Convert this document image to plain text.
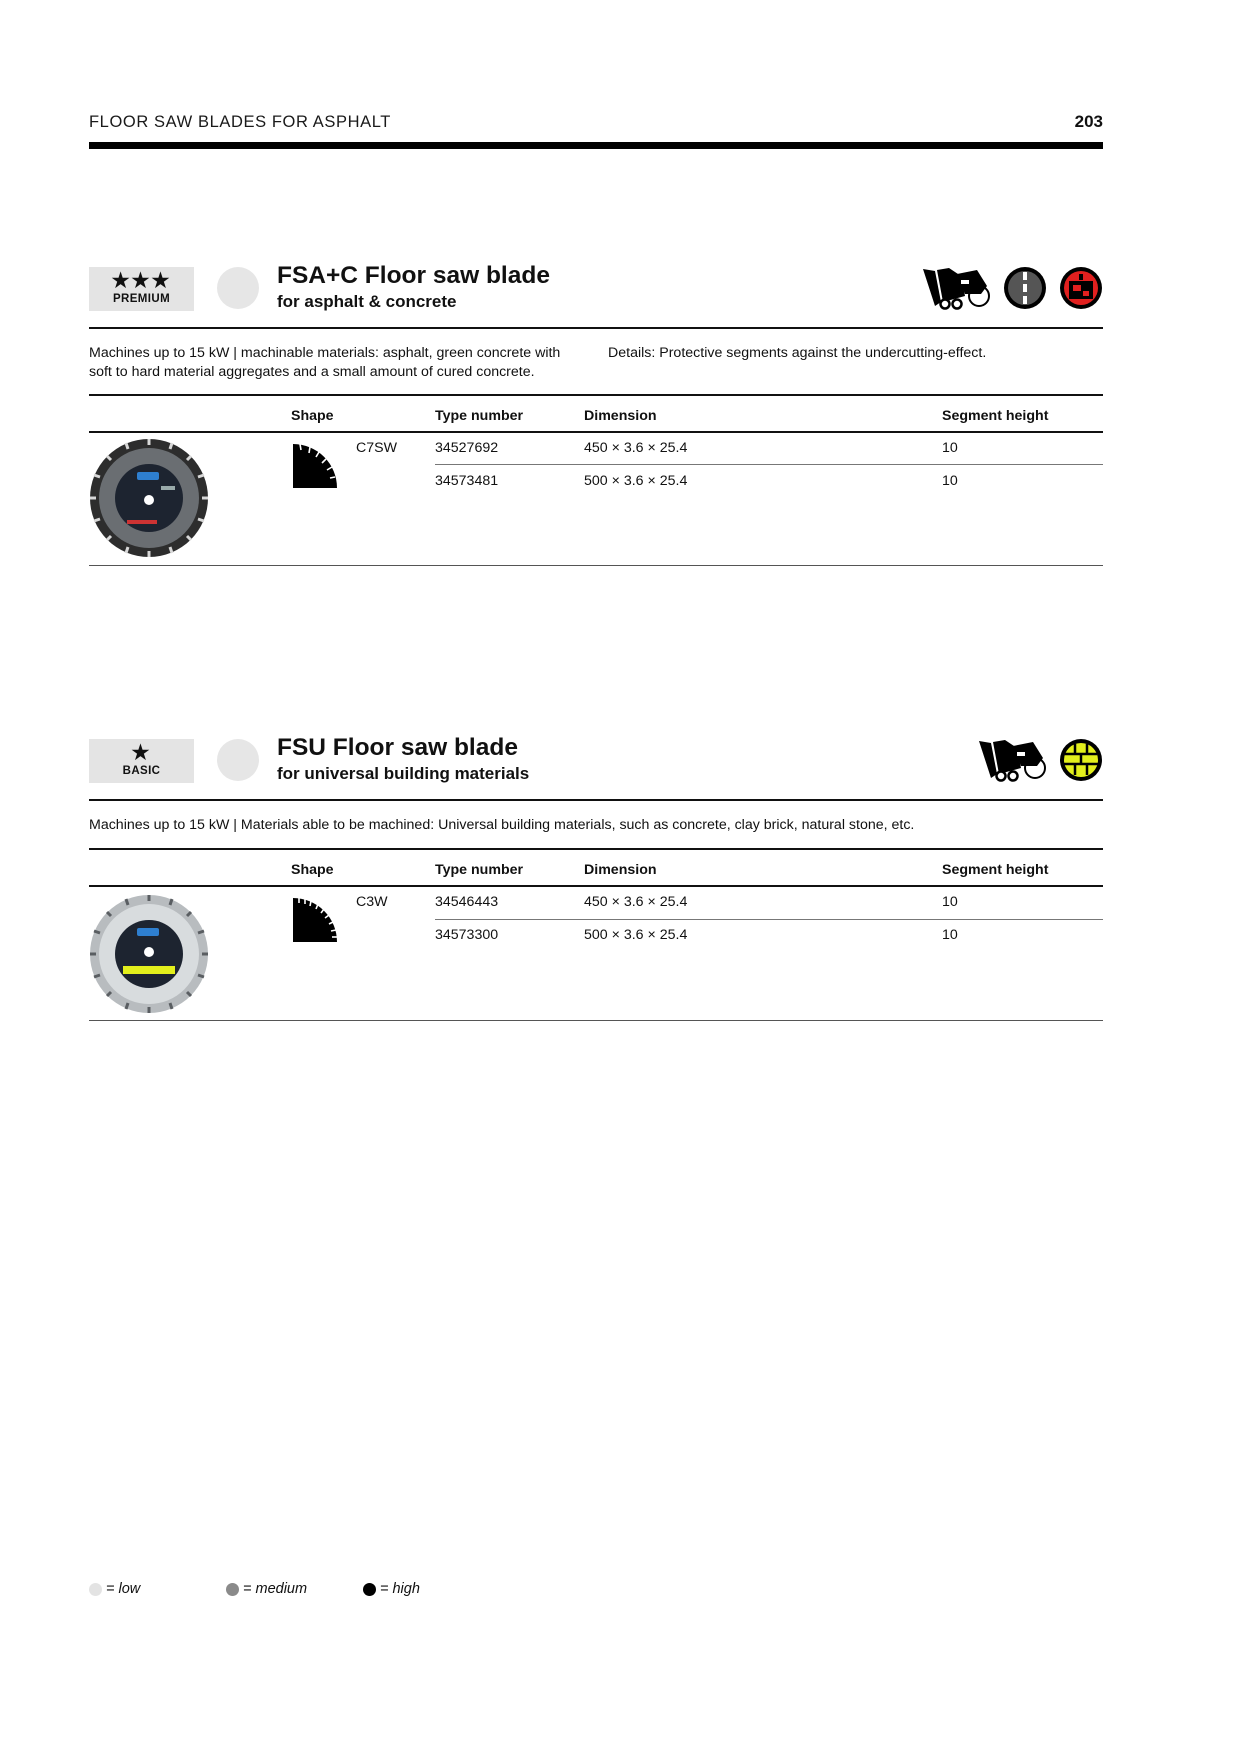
FLOOR SAW BLADES FOR ASPHALT	203
★★★
PREMIUM
FSA+C Floor saw blade
for asphalt & concrete
Machines up to 15 kW | machinable materials: asphalt, green concrete with
soft to hard material aggregates and a small amount of cured concrete.
Details: Protective segments against the undercutting-effect.
Shape	Type number	Dimension	Segment height
C7SW	34527692	450 × 3.6 × 25.4	10
34573481	500 × 3.6 × 25.4	10
★
BASIC
FSU Floor saw blade
for universal building materials
Machines up to 15 kW | Materials able to be machined: Universal building materials, such as concrete, clay brick, natural stone, etc.
Shape	Type number	Dimension	Segment height
C3W	34546443	450 × 3.6 × 25.4	10
34573300	500 × 3.6 × 25.4	10
= low	= medium	= high
